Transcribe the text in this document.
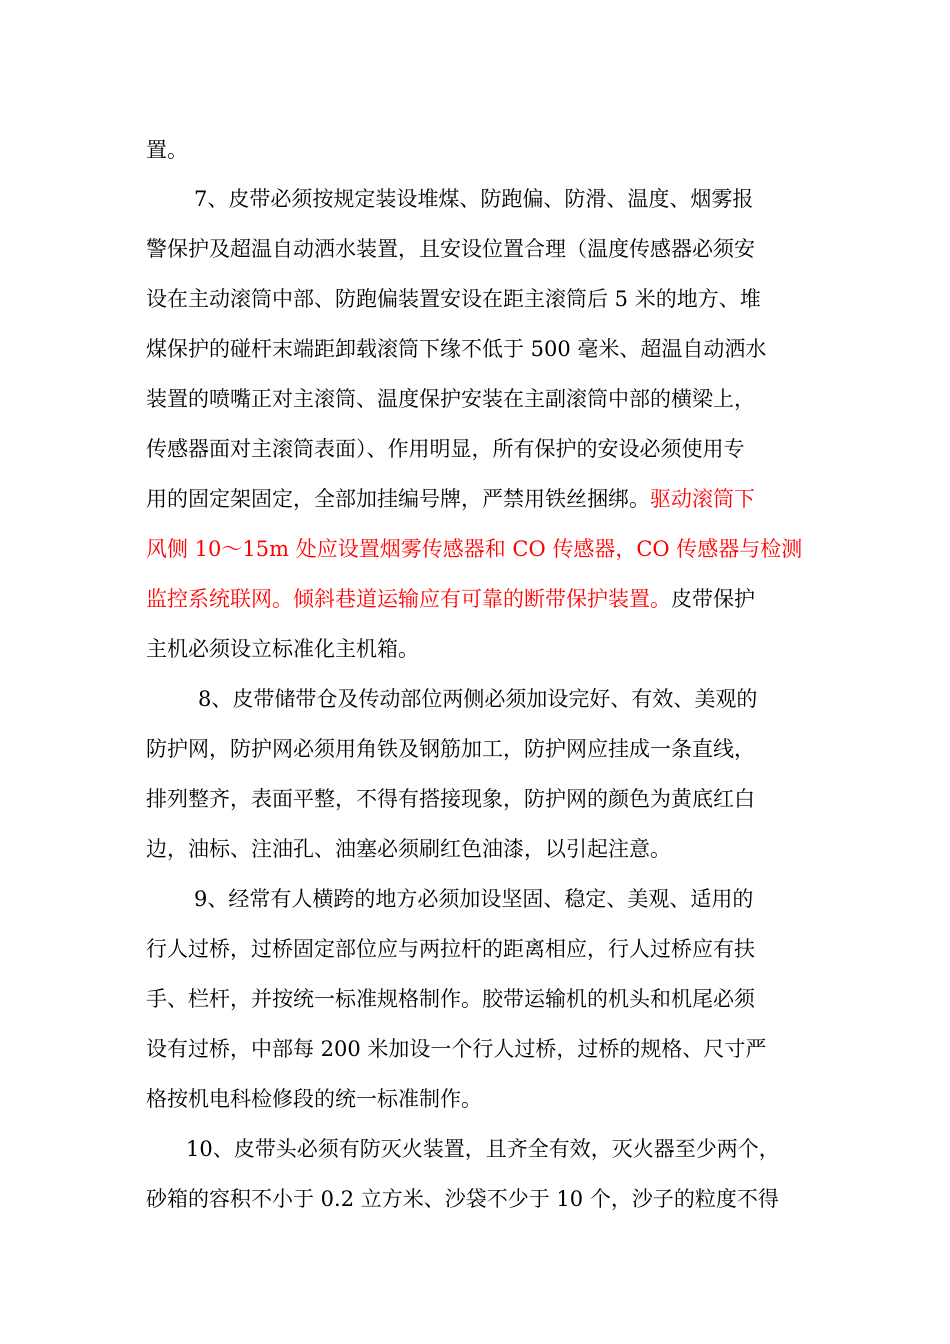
置。
7、皮带必须按规定装设堆煤、防跑偏、防滑、温度、烟雾报
警保护及超温自动洒水装置，且安设位置合理（温度传感器必须安
设在主动滚筒中部、防跑偏装置安设在距主滚筒后 5 米的地方、堆
煤保护的碰杆末端距卸载滚筒下缘不低于 500 毫米、超温自动洒水
装置的喷嘴正对主滚筒、温度保护安装在主副滚筒中部的横梁上，
传感器面对主滚筒表面）、作用明显，所有保护的安设必须使用专
用的固定架固定，全部加挂编号牌，严禁用铁丝捆绑。驱动滚筒下
风侧 10～15m 处应设置烟雾传感器和 CO 传感器，CO 传感器与检测
监控系统联网。倾斜巷道运输应有可靠的断带保护装置。皮带保护
主机必须设立标准化主机箱。
8、皮带储带仓及传动部位两侧必须加设完好、有效、美观的
防护网，防护网必须用角铁及钢筋加工，防护网应挂成一条直线，
排列整齐，表面平整，不得有搭接现象，防护网的颜色为黄底红白
边，油标、注油孔、油塞必须刷红色油漆，以引起注意。
9、经常有人横跨的地方必须加设坚固、稳定、美观、适用的
行人过桥，过桥固定部位应与两拉杆的距离相应，行人过桥应有扶
手、栏杆，并按统一标准规格制作。胶带运输机的机头和机尾必须
设有过桥，中部每 200 米加设一个行人过桥，过桥的规格、尺寸严
格按机电科检修段的统一标准制作。
10、皮带头必须有防灭火装置，且齐全有效，灭火器至少两个，
砂箱的容积不小于 0.2 立方米、沙袋不少于 10 个，沙子的粒度不得
